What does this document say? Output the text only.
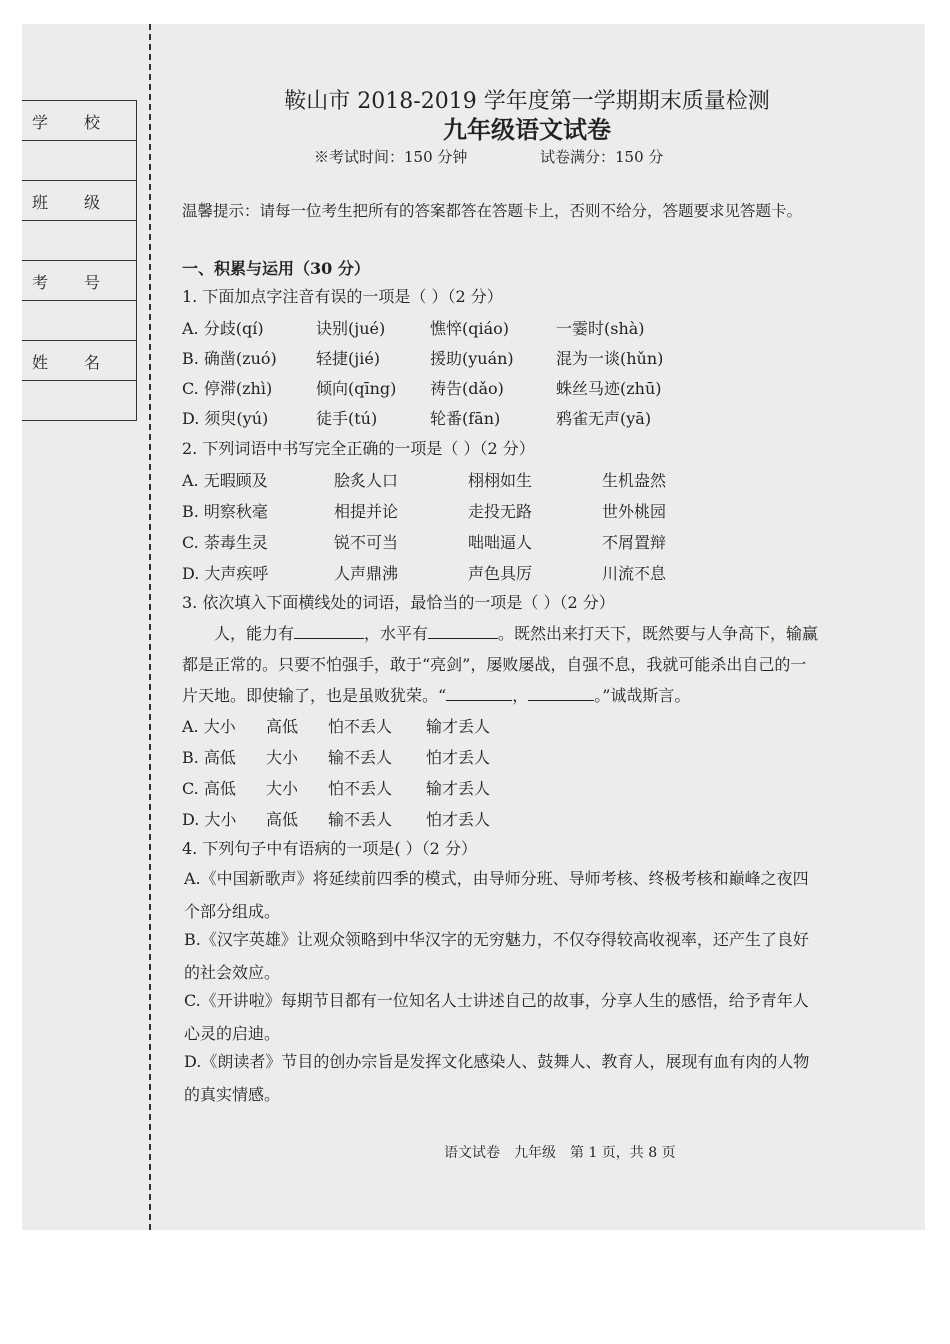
学 校
班 级
考 号
姓 名
鞍山市 2018-2019 学年度第一学期期末质量检测
九年级语文试卷
※考试时间：150 分钟	试卷满分：150 分
温馨提示：请每一位考生把所有的答案都答在答题卡上，否则不给分，答题要求见答题卡。
一、积累与运用（30 分）
1. 下面加点字注音有误的一项是（ ）（2 分）
A. 分歧(qí)	诀别(jué)	憔悴(qiáo)	一霎时(shà)
B. 确凿(zuó) 轻捷(jié)	援助(yuán)	混为一谈(hǔn)
C. 停滞(zhì)	倾向(qīng) 祷告(dǎo)	蛛丝马迹(zhū)
D. 须臾(yú)	徒手(tú)	轮番(fān)	鸦雀无声(yā)
2. 下列词语中书写完全正确的一项是（ ）（2 分）
A. 无暇顾及	脍炙人口	栩栩如生	生机盎然
B. 明察秋毫	相提并论	走投无路	世外桃园
C. 荼毒生灵	锐不可当	咄咄逼人	不屑置辩
D. 大声疾呼	人声鼎沸	声色具厉	川流不息
3. 依次填入下面横线处的词语，最恰当的一项是（ ）（2 分）
人，能力有	，水平有	。既然出来打天下，既然要与人争高下，输赢
都是正常的。只要不怕强手，敢于“亮剑”，屡败屡战，自强不息，我就可能杀出自己的一
片天地。即使输了，也是虽败犹荣。“	，	。”诚哉斯言。
A. 大小 高低 怕不丢人 输才丢人
B. 高低 大小 输不丢人 怕才丢人
C. 高低 大小 怕不丢人 输才丢人
D. 大小 高低 输不丢人 怕才丢人
4. 下列句子中有语病的一项是( ）（2 分）
A.《中国新歌声》将延续前四季的模式，由导师分班、导师考核、终极考核和巅峰之夜四
个部分组成。
B.《汉字英雄》让观众领略到中华汉字的无穷魅力，不仅夺得较高收视率，还产生了良好
的社会效应。
C.《开讲啦》每期节目都有一位知名人士讲述自己的故事，分享人生的感悟，给予青年人
心灵的启迪。
D.《朗读者》节目的创办宗旨是发挥文化感染人、鼓舞人、教育人，展现有血有肉的人物
的真实情感。
语文试卷　九年级　第 1 页，共 8 页
